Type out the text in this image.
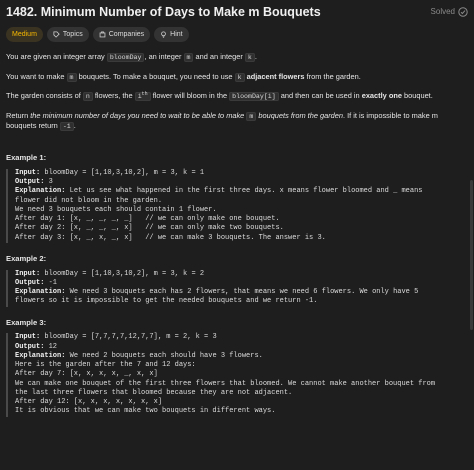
1482. Minimum Number of Days to Make m Bouquets	Solved
Medium	Topics	Companies	Hint

You are given an integer array bloomDay , an integer m and an integer k .

You want to make m bouquets. To make a bouquet, you need to use k adjacent flowers from the garden.

The garden consists of n flowers, the $i^{th}$ flower will bloom in the bloomDay[i] and then can be used in exactly one bouquet.

Return the minimum number of days you need to wait to be able to make m bouquets from the garden. If it is impossible to make m bouquets return -1 .

Example 1:
Input: bloomDay = [1,10,3,10,2], m = 3, k = 1
Output: 3
Explanation: Let us see what happened in the first three days. x means flower bloomed and _ means
flower did not bloom in the garden.
We need 3 bouquets each should contain 1 flower.
After day 1: [x, _, _, _, _]   // we can only make one bouquet.
After day 2: [x, _, _, _, x]   // we can only make two bouquets.
After day 3: [x, _, x, _, x]   // we can make 3 bouquets. The answer is 3.
Example 2:
Input: bloomDay = [1,10,3,10,2], m = 3, k = 2
Output: -1
Explanation: We need 3 bouquets each has 2 flowers, that means we need 6 flowers. We only have 5
flowers so it is impossible to get the needed bouquets and we return -1.
Example 3:
Input: bloomDay = [7,7,7,7,12,7,7], m = 2, k = 3
Output: 12
Explanation: We need 2 bouquets each should have 3 flowers.
Here is the garden after the 7 and 12 days:
After day 7: [x, x, x, x, _, x, x]
We can make one bouquet of the first three flowers that bloomed. We cannot make another bouquet from
the last three flowers that bloomed because they are not adjacent.
After day 12: [x, x, x, x, x, x, x]
It is obvious that we can make two bouquets in different ways.
